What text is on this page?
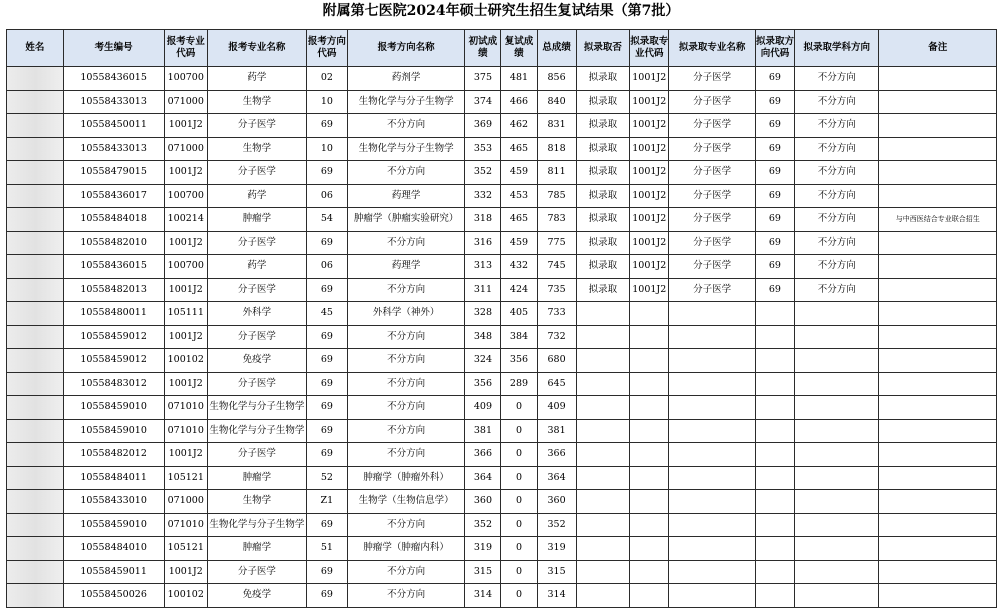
附属第七医院2024年硕士研究生招生复试结果（第7批）
姓名	考生编号	报考专业代码	报考专业名称	报考方向代码	报考方向名称	初试成绩	复试成绩	总成绩	拟录取否	拟录取专业代码	拟录取专业名称	拟录取方向代码	拟录取学科方向	备注
	10558436015	100700	药学	02	药剂学	375	481	856	拟录取	1001J2	分子医学	69	不分方向	
	10558433013	071000	生物学	10	生物化学与分子生物学	374	466	840	拟录取	1001J2	分子医学	69	不分方向	
	10558450011	1001J2	分子医学	69	不分方向	369	462	831	拟录取	1001J2	分子医学	69	不分方向	
	10558433013	071000	生物学	10	生物化学与分子生物学	353	465	818	拟录取	1001J2	分子医学	69	不分方向	
	10558479015	1001J2	分子医学	69	不分方向	352	459	811	拟录取	1001J2	分子医学	69	不分方向	
	10558436017	100700	药学	06	药理学	332	453	785	拟录取	1001J2	分子医学	69	不分方向	
	10558484018	100214	肿瘤学	54	肿瘤学（肿瘤实验研究）	318	465	783	拟录取	1001J2	分子医学	69	不分方向	与中西医结合专业联合招生
	10558482010	1001J2	分子医学	69	不分方向	316	459	775	拟录取	1001J2	分子医学	69	不分方向	
	10558436015	100700	药学	06	药理学	313	432	745	拟录取	1001J2	分子医学	69	不分方向	
	10558482013	1001J2	分子医学	69	不分方向	311	424	735	拟录取	1001J2	分子医学	69	不分方向	
	10558480011	105111	外科学	45	外科学（神外）	328	405	733						
	10558459012	1001J2	分子医学	69	不分方向	348	384	732						
	10558459012	100102	免疫学	69	不分方向	324	356	680						
	10558483012	1001J2	分子医学	69	不分方向	356	289	645						
	10558459010	071010	生物化学与分子生物学	69	不分方向	409	0	409						
	10558459010	071010	生物化学与分子生物学	69	不分方向	381	0	381						
	10558482012	1001J2	分子医学	69	不分方向	366	0	366						
	10558484011	105121	肿瘤学	52	肿瘤学（肿瘤外科）	364	0	364						
	10558433010	071000	生物学	Z1	生物学（生物信息学）	360	0	360						
	10558459010	071010	生物化学与分子生物学	69	不分方向	352	0	352						
	10558484010	105121	肿瘤学	51	肿瘤学（肿瘤内科）	319	0	319						
	10558459011	1001J2	分子医学	69	不分方向	315	0	315						
	10558450026	100102	免疫学	69	不分方向	314	0	314						
